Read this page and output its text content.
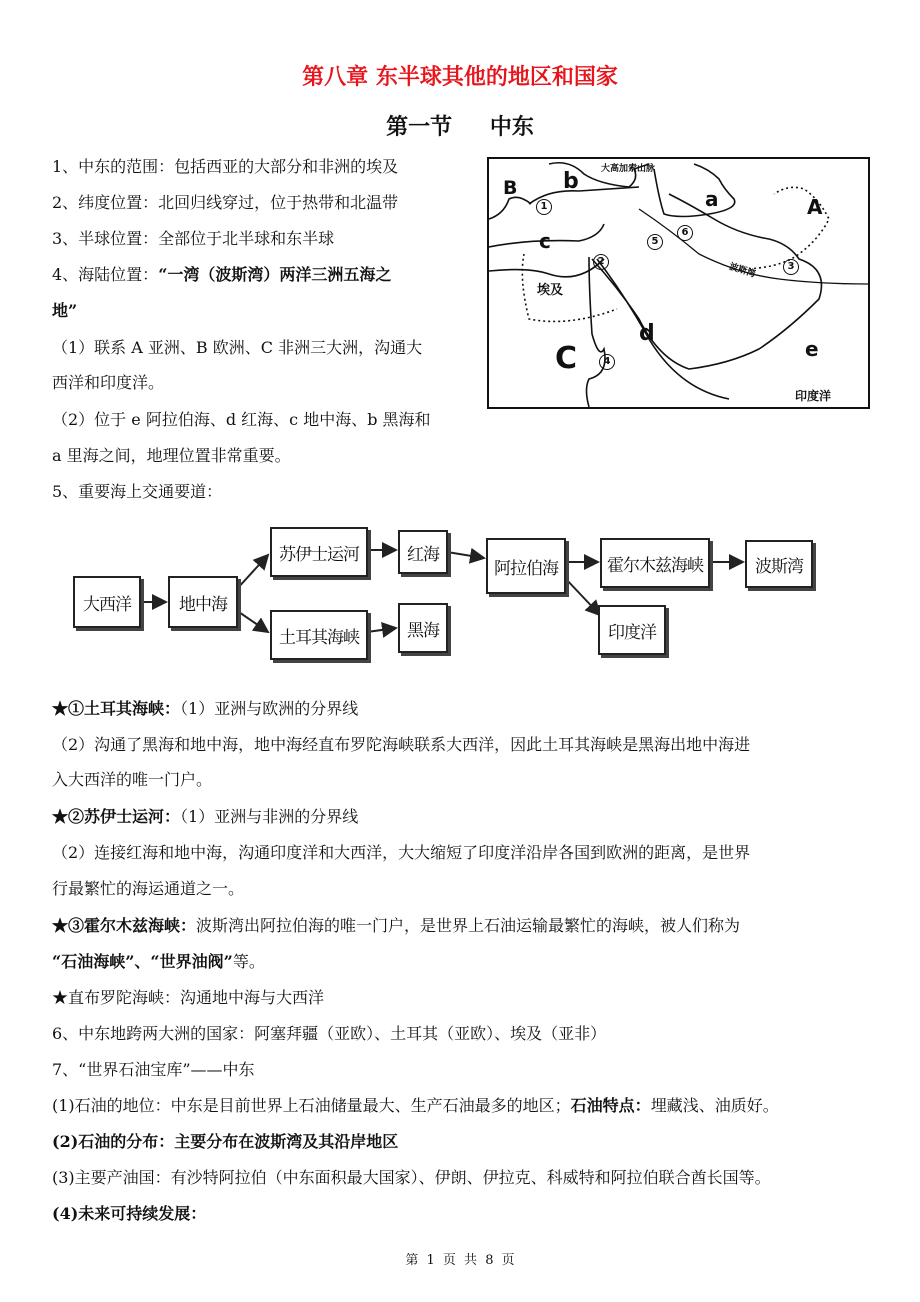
第八章 东半球其他的地区和国家
第一节 中东
1、中东的范围：包括西亚的大部分和非洲的埃及
2、纬度位置：北回归线穿过，位于热带和北温带
3、半球位置：全部位于北半球和东半球
4、海陆位置：“一湾（波斯湾）两洋三洲五海之
地”
（1）联系 A 亚洲、B 欧洲、C 非洲三大洲，沟通大
西洋和印度洋。
（2）位于 e 阿拉伯海、d 红海、c 地中海、b 黑海和
a 里海之间，地理位置非常重要。
5、重要海上交通要道：
大高加索山脉
a	A
B b
c
C
d
e
埃及
波斯湾
印度洋
1
2	3
4
5
6
大西洋	地中海
苏伊士运河
土耳其海峡
红海
黑海
阿拉伯海	霍尔木兹海峡	波斯湾
印度洋
★①土耳其海峡：（1）亚洲与欧洲的分界线
（2）沟通了黑海和地中海，地中海经直布罗陀海峡联系大西洋，因此土耳其海峡是黑海出地中海进
入大西洋的唯一门户。
★②苏伊士运河：（1）亚洲与非洲的分界线
（2）连接红海和地中海，沟通印度洋和大西洋，大大缩短了印度洋沿岸各国到欧洲的距离，是世界
行最繁忙的海运通道之一。
★③霍尔木兹海峡：波斯湾出阿拉伯海的唯一门户，是世界上石油运输最繁忙的海峡，被人们称为
“石油海峡”、“世界油阀”等。
★直布罗陀海峡：沟通地中海与大西洋
6、中东地跨两大洲的国家：阿塞拜疆（亚欧）、土耳其（亚欧）、埃及（亚非）
7、“世界石油宝库”——中东
(1)石油的地位：中东是目前世界上石油储量最大、生产石油最多的地区；石油特点：埋藏浅、油质好。
(2)石油的分布：主要分布在波斯湾及其沿岸地区
(3)主要产油国：有沙特阿拉伯（中东面积最大国家）、伊朗、伊拉克、科威特和阿拉伯联合酋长国等。
(4)未来可持续发展：
第 1 页 共 8 页
